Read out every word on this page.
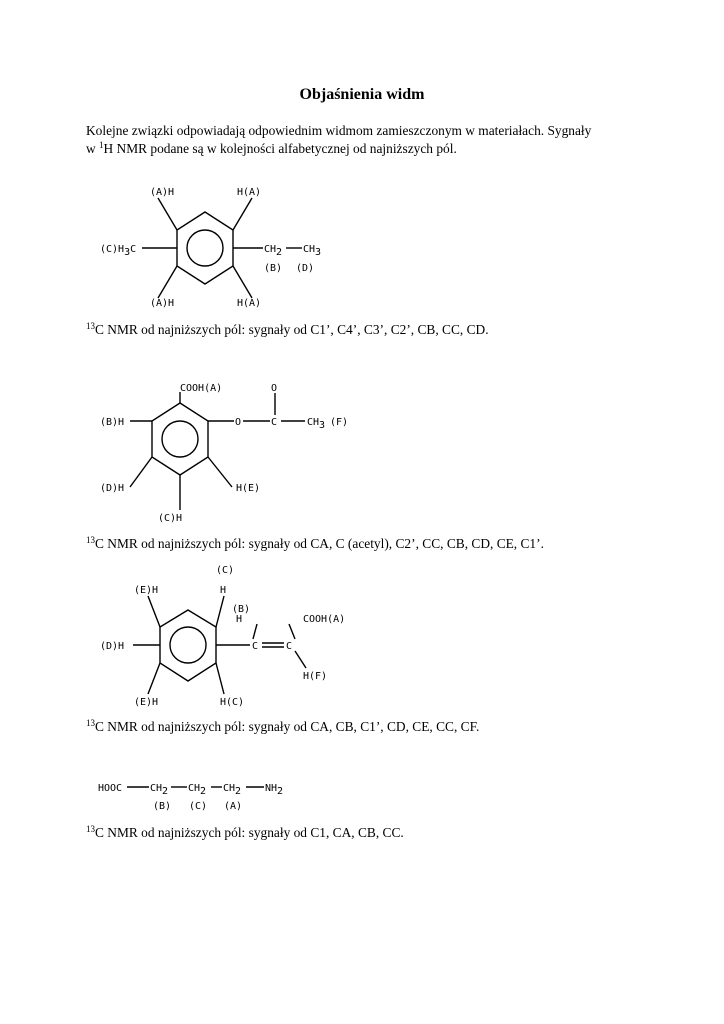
Objaśnienia widm
Kolejne związki odpowiadają odpowiednim widmom zamieszczonym w materiałach. Sygnały
w $^1$H NMR podane są w kolejności alfabetycznej od najniższych pól.
(A)H	H(A)
(C)H3C	CH2 CH3
(B) (D)
(A)H	H(A)
$^{13}$C NMR od najniższych pól: sygnały od C1’, C4’, C3’, C2’, CB, CC, CD.
COOH(A)	O
O	C	CH3 (F)
(B)H
(D)H	H(E)
(C)H
$^{13}$C NMR od najniższych pól: sygnały od CA, C (acetyl), C2’, CC, CB, CD, CE, C1’.
(C)
H
(E)H
(B)
H	COOH(A)
(D)H	C	C
H(F)
(E)H	H(C)
$^{13}$C NMR od najniższych pól: sygnały od CA, CB, C1’, CD, CE, CC, CF.
HOOC	CH2 CH2 CH2 NH2
(B) (C) (A)
$^{13}$C NMR od najniższych pól: sygnały od C1, CA, CB, CC.
